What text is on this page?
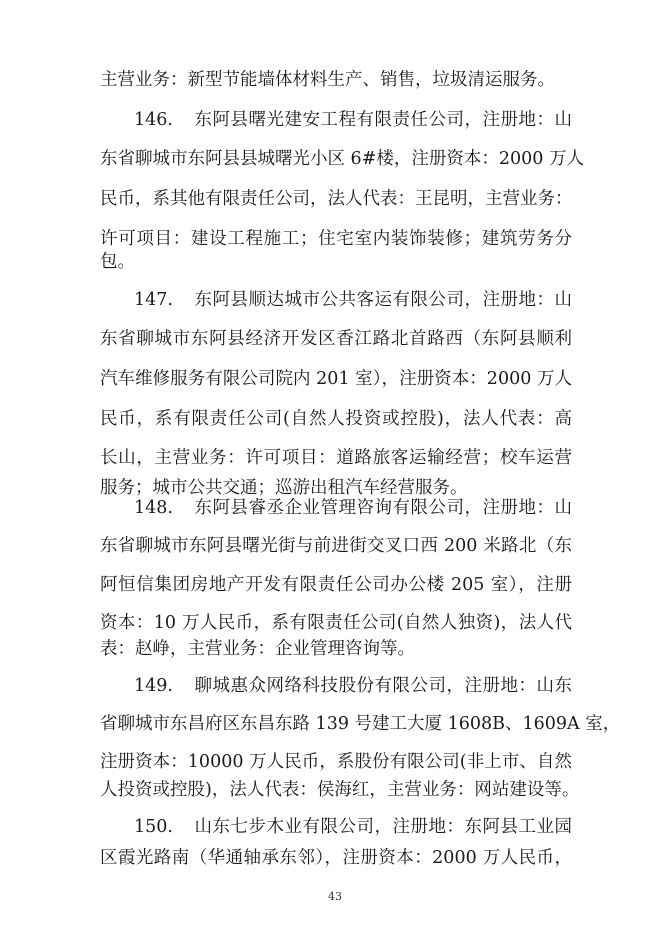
主营业务：新型节能墙体材料生产、销售，垃圾清运服务。
146. 东阿县曙光建安工程有限责任公司，注册地：山
东省聊城市东阿县县城曙光小区 6#楼，注册资本：2000 万人
民币，系其他有限责任公司，法人代表：王昆明，主营业务：
许可项目：建设工程施工；住宅室内装饰装修；建筑劳务分
包。
147. 东阿县顺达城市公共客运有限公司，注册地：山
东省聊城市东阿县经济开发区香江路北首路西（东阿县顺利
汽车维修服务有限公司院内 201 室），注册资本：2000 万人
民币，系有限责任公司(自然人投资或控股)，法人代表：高
长山，主营业务：许可项目：道路旅客运输经营；校车运营
服务；城市公共交通；巡游出租汽车经营服务。
148. 东阿县睿丞企业管理咨询有限公司，注册地：山
东省聊城市东阿县曙光街与前进街交叉口西 200 米路北（东
阿恒信集团房地产开发有限责任公司办公楼 205 室），注册
资本：10 万人民币，系有限责任公司(自然人独资)，法人代
表：赵峥，主营业务：企业管理咨询等。
149. 聊城惠众网络科技股份有限公司，注册地：山东
省聊城市东昌府区东昌东路 139 号建工大厦 1608B、1609A 室，
注册资本：10000 万人民币，系股份有限公司(非上市、自然
人投资或控股)，法人代表：侯海红，主营业务：网站建设等。
150. 山东七步木业有限公司，注册地：东阿县工业园
区霞光路南（华通轴承东邻），注册资本：2000 万人民币，
43
